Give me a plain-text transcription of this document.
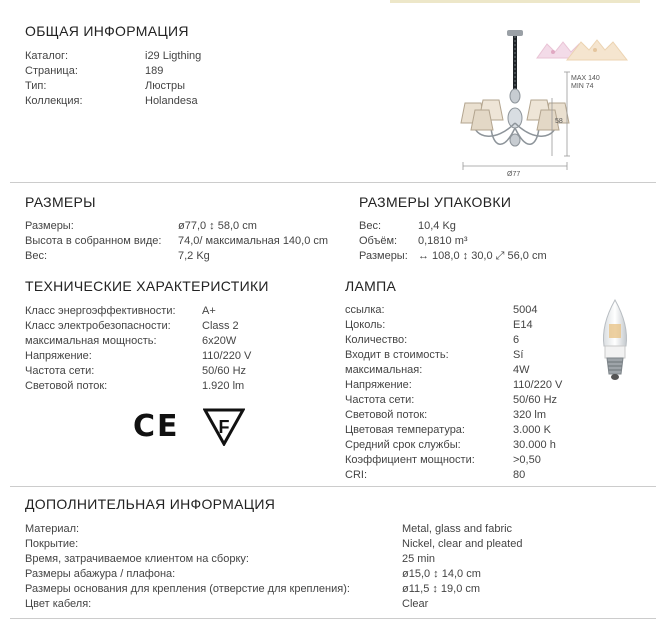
ОБЩАЯ ИНФОРМАЦИЯ
Каталог:	i29 Ligthing
Страница:	189
Тип:	Люстры
Коллекция:	Holandesa
MAX 140
MIN 74
58
Ø77
РАЗМЕРЫ
Размеры:	ø77,0 ↕ 58,0 cm
Высота в собранном виде: 74,0/ максимальная 140,0 cm
Вес:	7,2 Kg
РАЗМЕРЫ УПАКОВКИ
Вес:	10,4 Kg
Объём: 0,1810 m³
Размеры: ↔ 108,0 ↕ 30,0 ⤢ 56,0 cm
ТЕХНИЧЕСКИЕ ХАРАКТЕРИСТИКИ
Класс энергоэффективности: A+
Класс электробезопасности:	Class 2
максимальная мощность:	6x20W
Напряжение:	110/220 V
Частота сети:	50/60 Hz
Световой поток:	1.920 lm
CE F
ЛАМПА
ссылка:	5004
Цоколь:	E14
Количество:	6
Входит в стоимость:	Sí
максимальная:	4W
Напряжение:	110/220 V
Частота сети:	50/60 Hz
Световой поток:	320 lm
Цветовая температура:	3.000 K
Средний срок службы:	30.000 h
Коэффициент мощности:	>0,50
CRI:	80
ДОПОЛНИТЕЛЬНАЯ ИНФОРМАЦИЯ
Материал:	Metal, glass and fabric
Покрытие:	Nickel, clear and pleated
Время, затрачиваемое клиентом на сборку:	25 min
Размеры абажура / плафона:	ø15,0 ↕ 14,0 cm
Размеры основания для крепления (отверстие для крепления):	ø11,5 ↕ 19,0 cm
Цвет кабеля:	Clear
